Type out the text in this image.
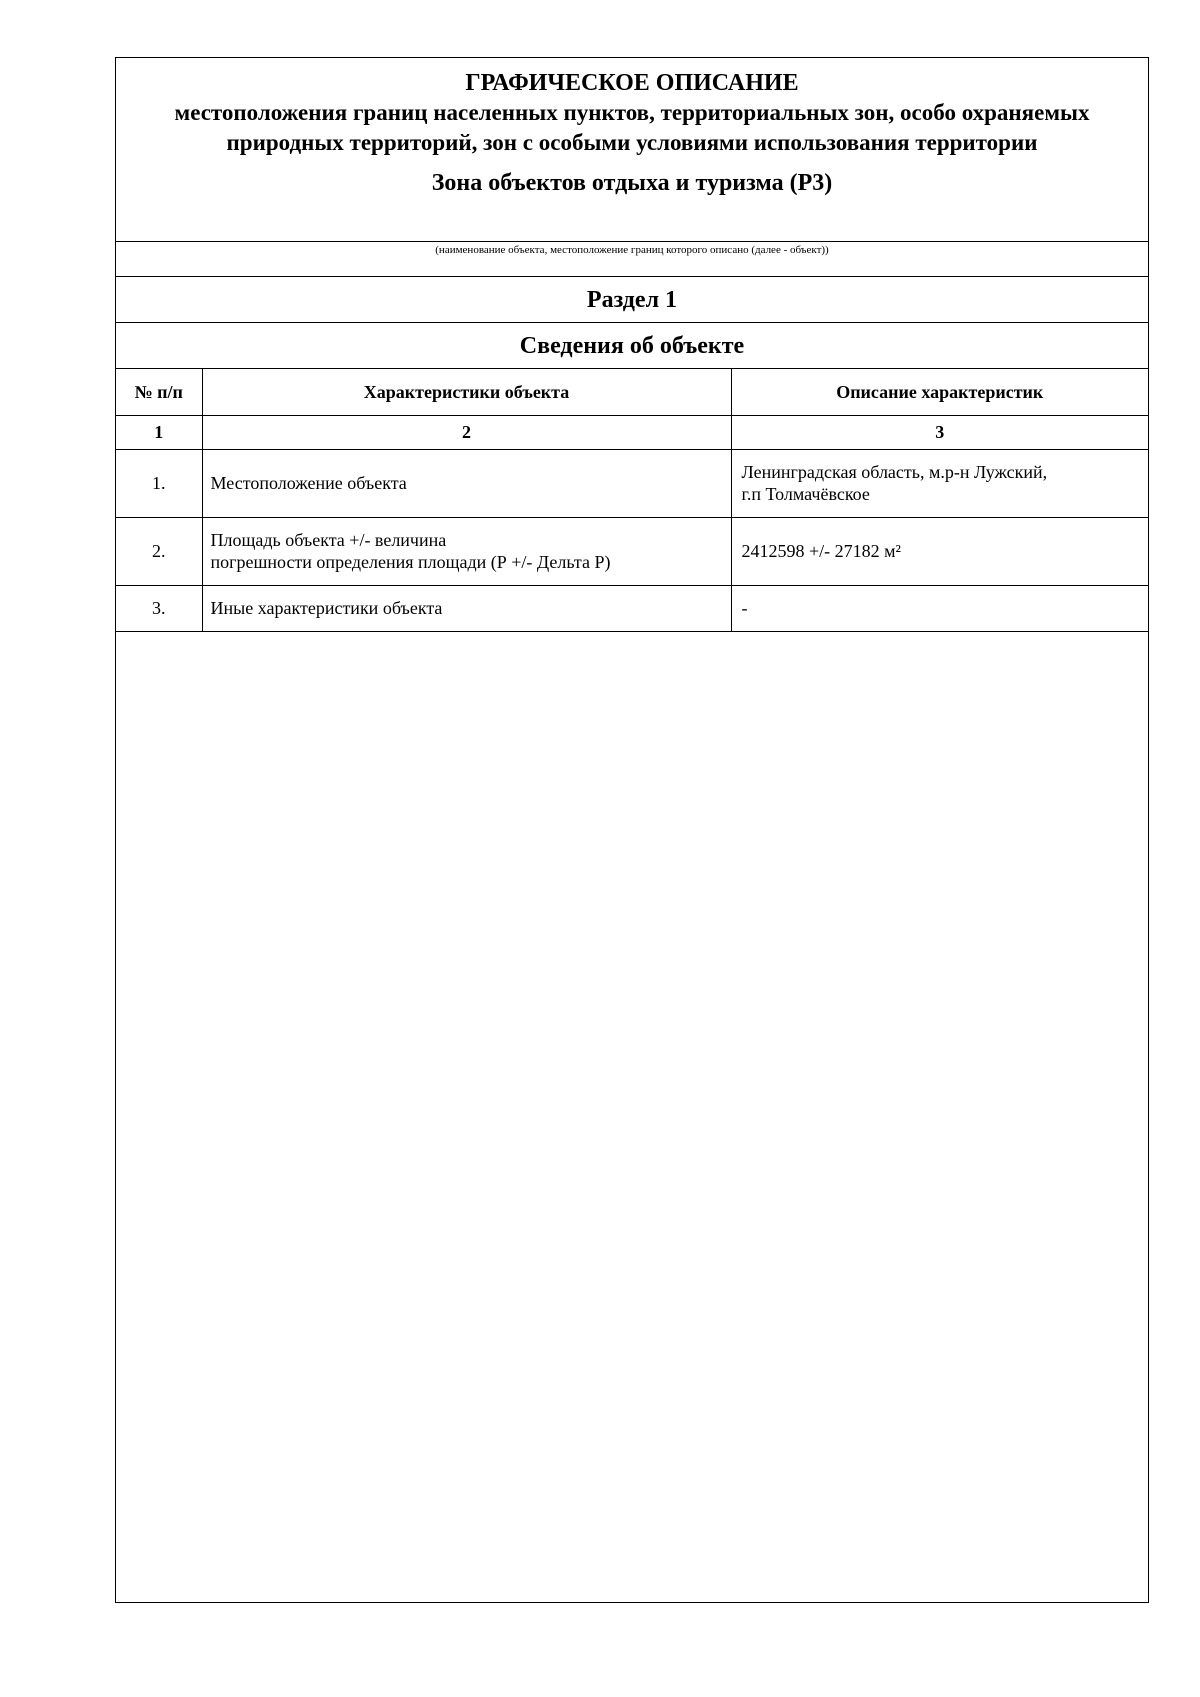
ГРАФИЧЕСКОЕ ОПИСАНИЕ
местоположения границ населенных пунктов, территориальных зон, особо охраняемых природных территорий, зон с особыми условиями использования территории
Зона объектов отдыха и туризма (Р3)
(наименование объекта, местоположение границ которого описано (далее - объект))
Раздел 1
Сведения об объекте
№ п/п	Характеристики объекта	Описание характеристик
1	2	3
1.	Местоположение объекта	Ленинградская область, м.р-н Лужский,
г.п Толмачёвское

2.	Площадь объекта +/- величина
погрешности определения площади (Р +/- Дельта Р)	2412598 +/- 27182 м²

3.	Иные характеристики объекта	-
